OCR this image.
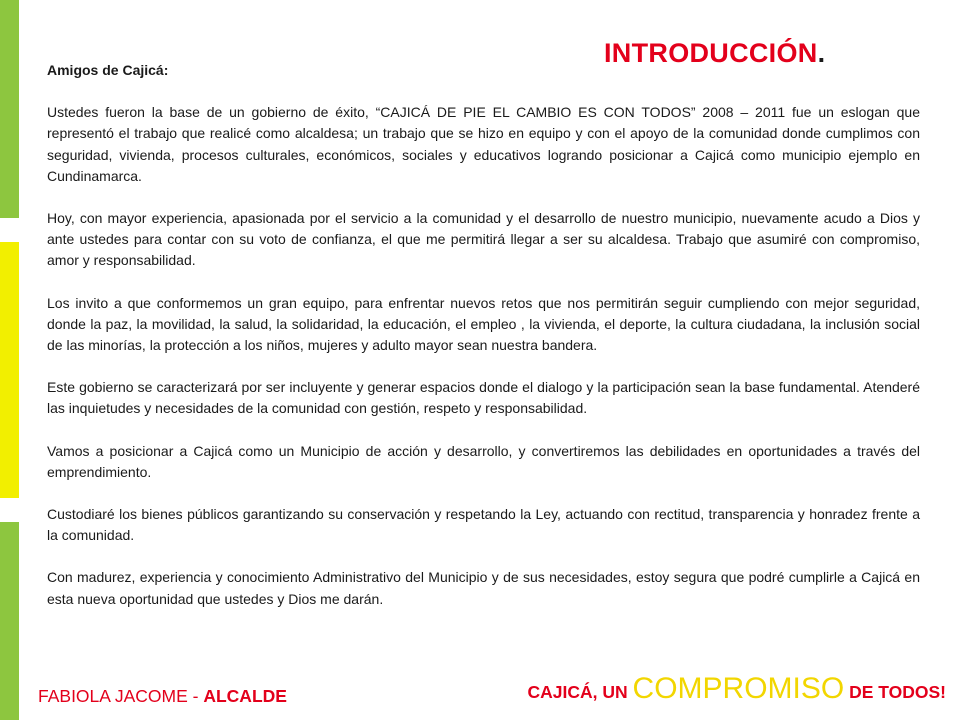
INTRODUCCIÓN.

Amigos de Cajicá:

Ustedes fueron la base de un gobierno de éxito, “CAJICÁ DE PIE EL CAMBIO ES CON TODOS” 2008 – 2011 fue un eslogan que representó el trabajo que realicé como alcaldesa; un trabajo que se hizo en equipo y con el apoyo de la comunidad donde cumplimos con seguridad, vivienda, procesos culturales, económicos, sociales y educativos logrando posicionar a Cajicá como municipio ejemplo en Cundinamarca.

Hoy, con mayor experiencia, apasionada por el servicio a la comunidad y el desarrollo de nuestro municipio, nuevamente acudo a Dios y ante ustedes para contar con su voto de confianza, el que me permitirá llegar a ser su alcaldesa. Trabajo que asumiré con compromiso, amor y responsabilidad.

Los invito a que conformemos un gran equipo, para enfrentar nuevos retos que nos permitirán seguir cumpliendo con mejor seguridad, donde la paz, la movilidad, la salud, la solidaridad, la educación, el empleo , la vivienda, el deporte, la cultura ciudadana, la inclusión social de las minorías, la protección a los niños, mujeres y adulto mayor sean nuestra bandera.

Este gobierno se caracterizará por ser incluyente y generar espacios donde el dialogo y la participación sean la base fundamental. Atenderé las inquietudes y necesidades de la comunidad con gestión, respeto y responsabilidad.

Vamos a posicionar a Cajicá como un Municipio de acción y desarrollo, y convertiremos las debilidades en oportunidades a través del emprendimiento.

Custodiaré los bienes públicos garantizando su conservación y respetando la Ley, actuando con rectitud, transparencia y honradez frente a la comunidad.

Con madurez, experiencia y conocimiento Administrativo del Municipio y de sus necesidades, estoy segura que podré cumplirle a Cajicá en esta nueva oportunidad que ustedes y Dios me darán.

FABIOLA JACOME - ALCALDE	CAJICÁ, UN COMPROMISO DE TODOS!
